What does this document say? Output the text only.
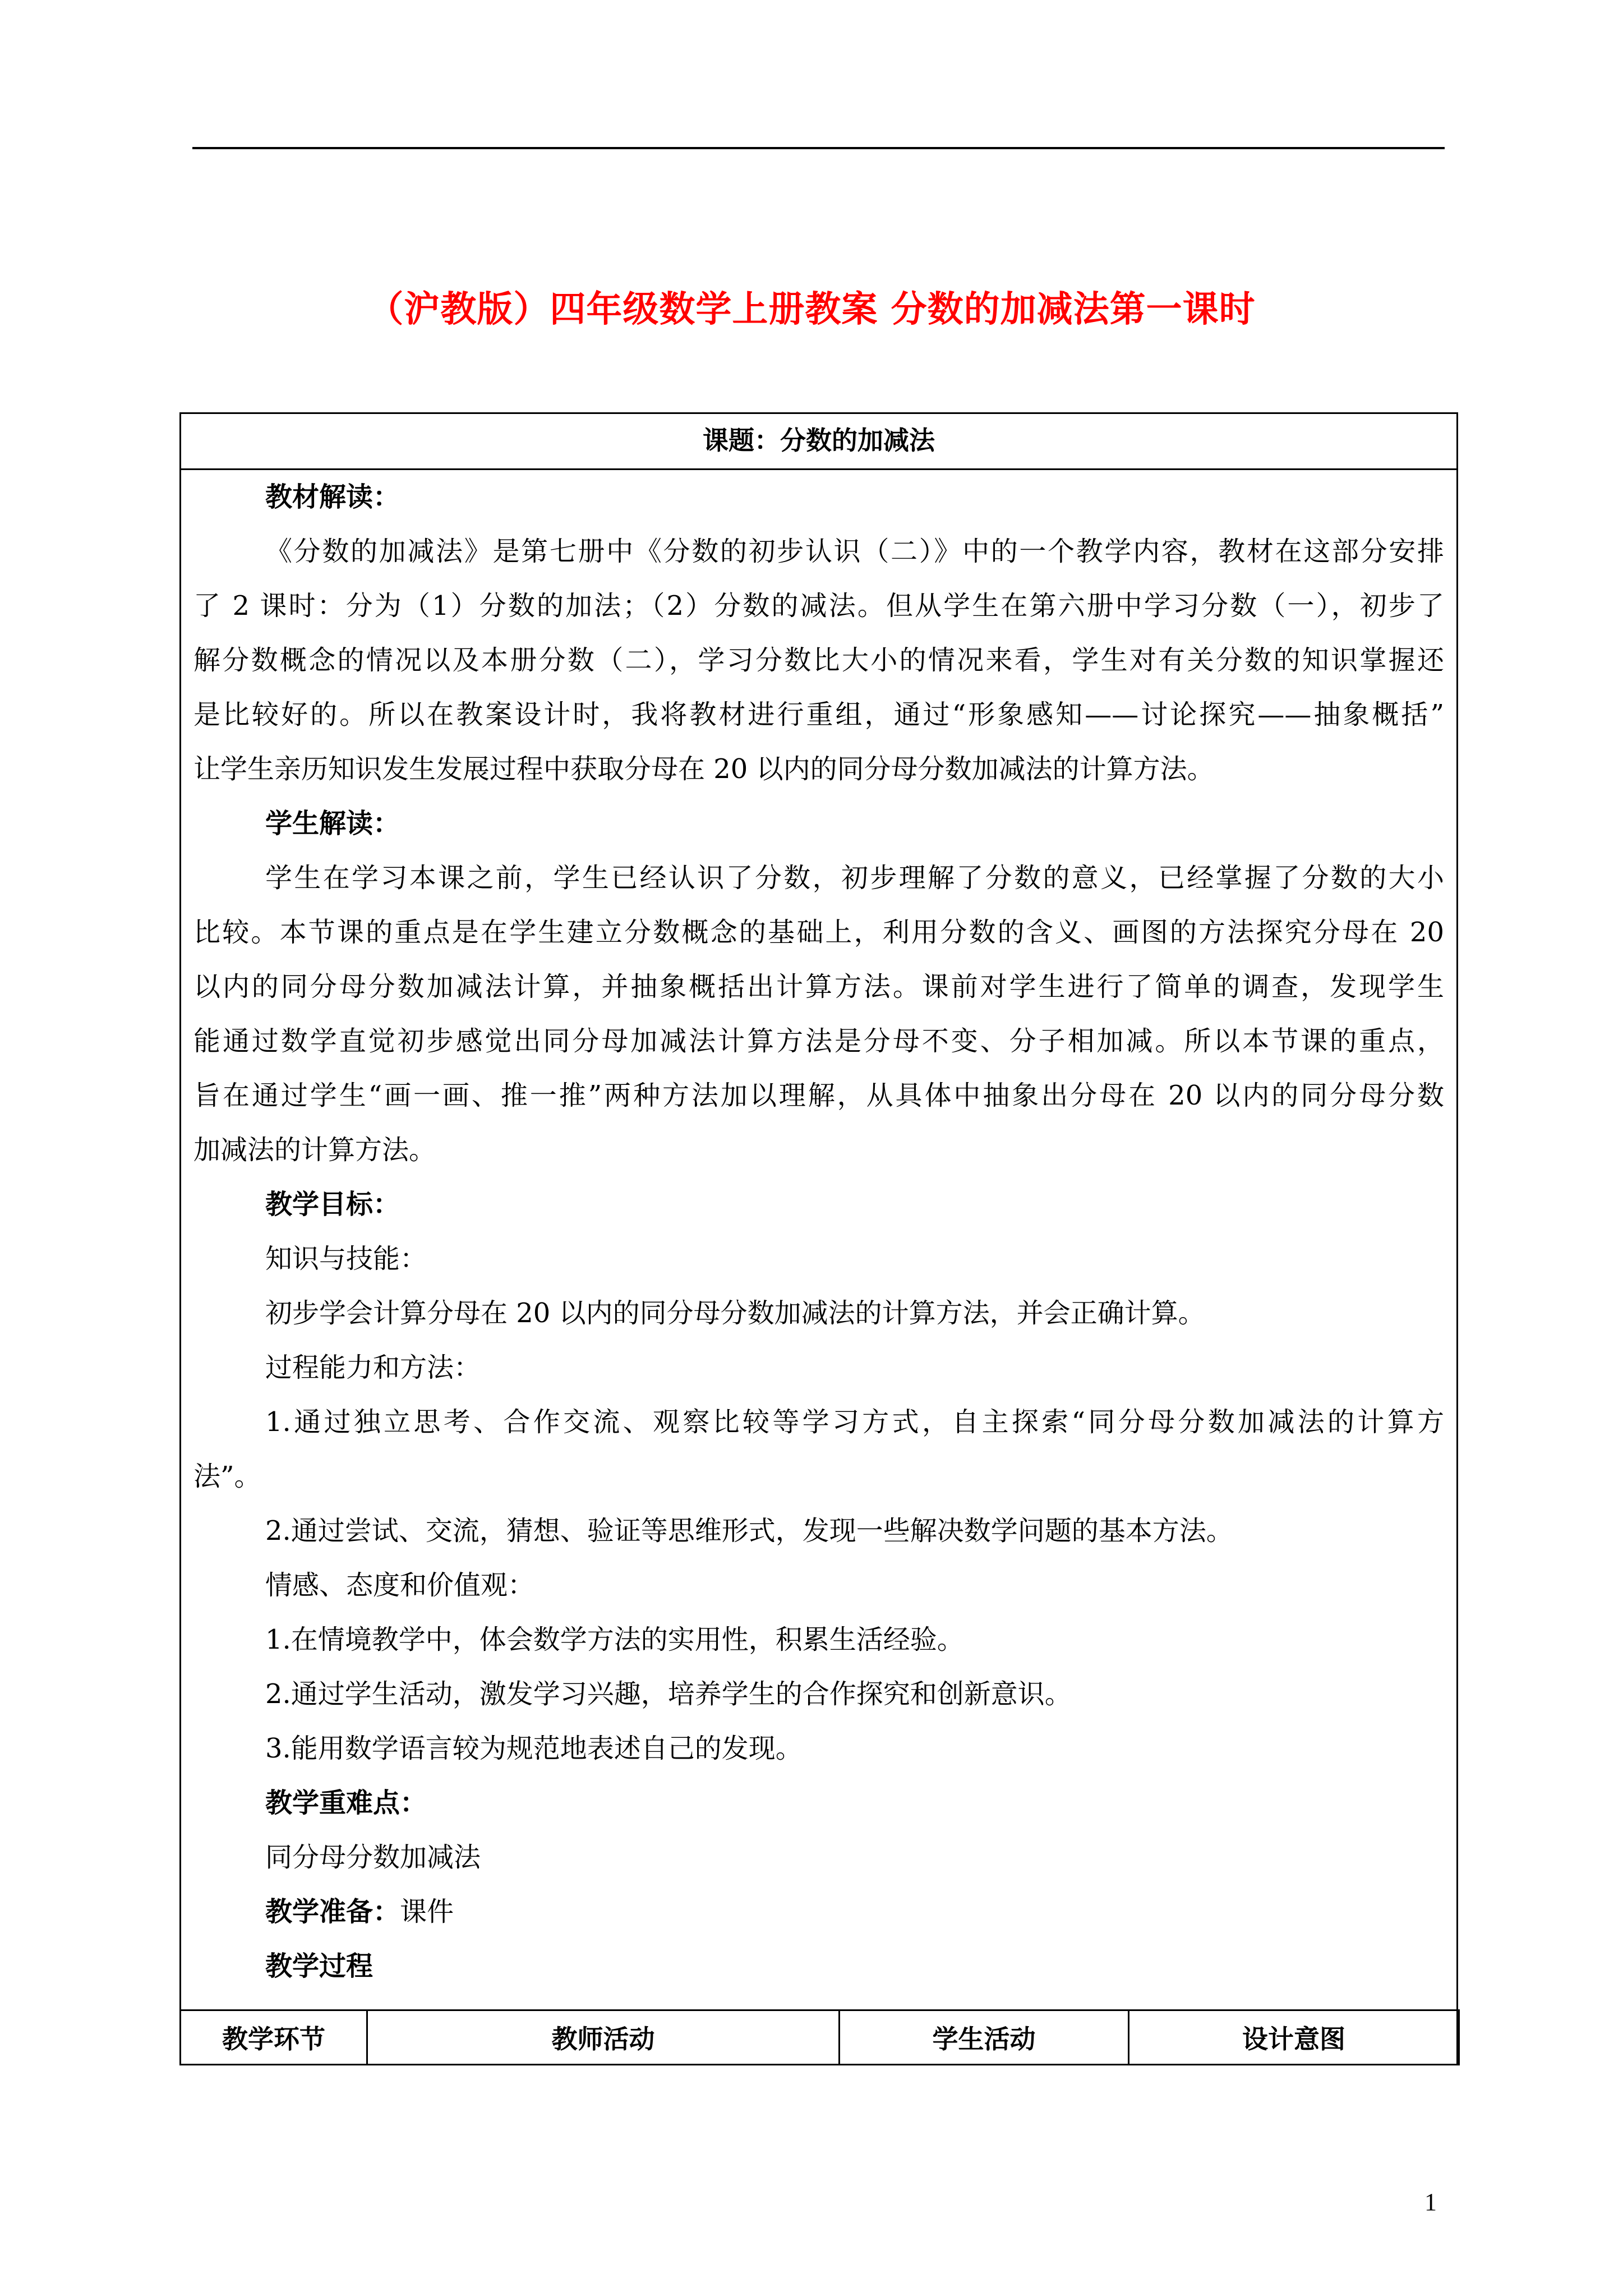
（沪教版）四年级数学上册教案 分数的加减法第一课时
课题：分数的加减法
教材解读：
《分数的加减法》是第七册中《分数的初步认识（二）》中的一个教学内容，教材在这部分安排
了 2 课时：分为（1）分数的加法；（2）分数的减法。但从学生在第六册中学习分数（一），初步了
解分数概念的情况以及本册分数（二），学习分数比大小的情况来看，学生对有关分数的知识掌握还
是比较好的。所以在教案设计时，我将教材进行重组，通过“形象感知——讨论探究——抽象概括”
让学生亲历知识发生发展过程中获取分母在 20 以内的同分母分数加减法的计算方法。
学生解读：
学生在学习本课之前，学生已经认识了分数，初步理解了分数的意义，已经掌握了分数的大小
比较。本节课的重点是在学生建立分数概念的基础上，利用分数的含义、画图的方法探究分母在 20
以内的同分母分数加减法计算，并抽象概括出计算方法。课前对学生进行了简单的调查，发现学生
能通过数学直觉初步感觉出同分母加减法计算方法是分母不变、分子相加减。所以本节课的重点，
旨在通过学生“画一画、推一推”两种方法加以理解，从具体中抽象出分母在 20 以内的同分母分数
加减法的计算方法。
教学目标：
知识与技能：
初步学会计算分母在 20 以内的同分母分数加减法的计算方法，并会正确计算。
过程能力和方法：
1.通过独立思考、合作交流、观察比较等学习方式，自主探索“同分母分数加减法的计算方
法”。
2.通过尝试、交流，猜想、验证等思维形式，发现一些解决数学问题的基本方法。
情感、态度和价值观：
1.在情境教学中，体会数学方法的实用性，积累生活经验。
2.通过学生活动，激发学习兴趣，培养学生的合作探究和创新意识。
3.能用数学语言较为规范地表述自己的发现。
教学重难点：
同分母分数加减法
教学准备：课件
教学过程
教学环节	教师活动	学生活动	设计意图
1
